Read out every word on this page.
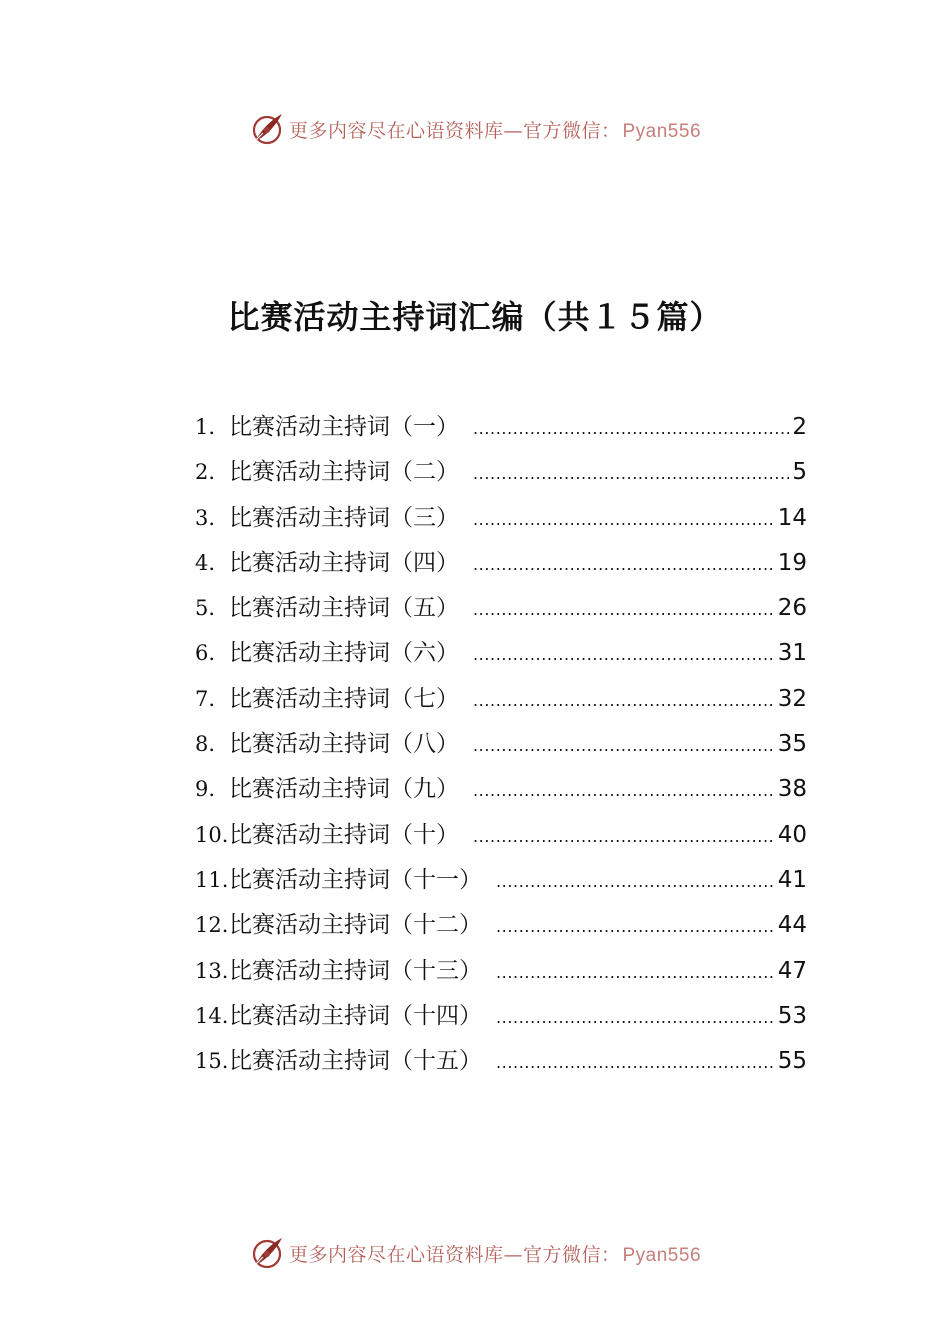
更多内容尽在心语资料库—官方微信： Pyan556
比赛活动主持词汇编（共１５篇）
1. 比赛活动主持词（一） .....	2
2. 比赛活动主持词（二） .....	5
3. 比赛活动主持词（三） .....	14
4. 比赛活动主持词（四） .....	19
5. 比赛活动主持词（五） .....	26
6. 比赛活动主持词（六） .....	31
7. 比赛活动主持词（七） .....	32
8. 比赛活动主持词（八） .....	35
9. 比赛活动主持词（九） .....	38
10. 比赛活动主持词（十） .....	40
11. 比赛活动主持词（十一） .....	41
12. 比赛活动主持词（十二） .....	44
13. 比赛活动主持词（十三） .....	47
14. 比赛活动主持词（十四） .....	53
15. 比赛活动主持词（十五） .....	55
更多内容尽在心语资料库—官方微信： Pyan556
